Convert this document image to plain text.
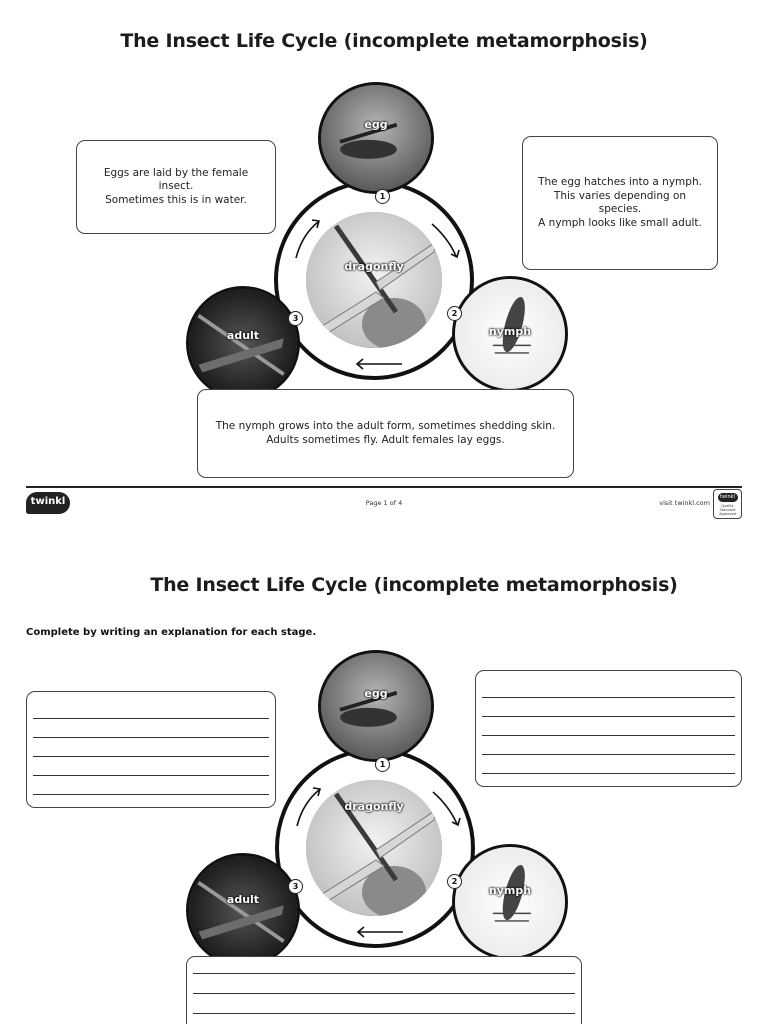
The Insect Life Cycle (incomplete metamorphosis)
dragonfly
egg
1
nymph
2
adult
3
Eggs are laid by the female insect.
Sometimes this is in water.
The egg hatches into a nymph.
This varies depending on species.
A nymph looks like small adult.
The nymph grows into the adult form, sometimes shedding skin.
Adults sometimes fly. Adult females lay eggs.
twinkl	Page 1 of 4	visit twinkl.com
twinkl
Quality Standard Approved
The Insect Life Cycle (incomplete metamorphosis)
Complete by writing an explanation for each stage.
dragonfly
egg
1
nymph
2
adult
3
